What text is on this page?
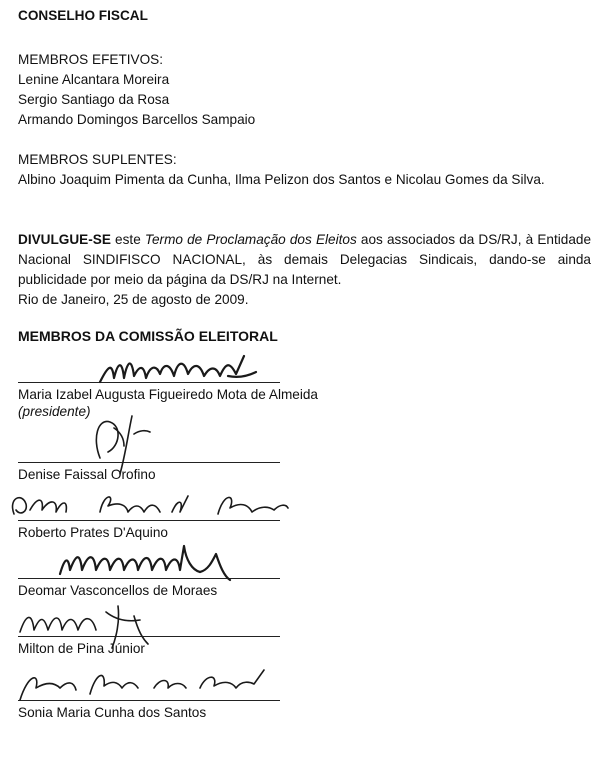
CONSELHO FISCAL
MEMBROS EFETIVOS:
Lenine Alcantara Moreira
Sergio Santiago da Rosa
Armando Domingos Barcellos Sampaio
MEMBROS SUPLENTES:
Albino Joaquim Pimenta da Cunha, Ilma Pelizon dos Santos e Nicolau Gomes da Silva.
DIVULGUE-SE este Termo de Proclamação dos Eleitos aos associados da DS/RJ, à Entidade Nacional SINDIFISCO NACIONAL, às demais Delegacias Sindicais, dando-se ainda publicidade por meio da página da DS/RJ na Internet.
Rio de Janeiro, 25 de agosto de 2009.
MEMBROS DA COMISSÃO ELEITORAL
Maria Izabel Augusta Figueiredo Mota de Almeida
(presidente)
Denise Faissal Orofino
Roberto Prates D'Aquino
Deomar Vasconcellos de Moraes
Milton de Pina Júnior
Sonia Maria Cunha dos Santos
